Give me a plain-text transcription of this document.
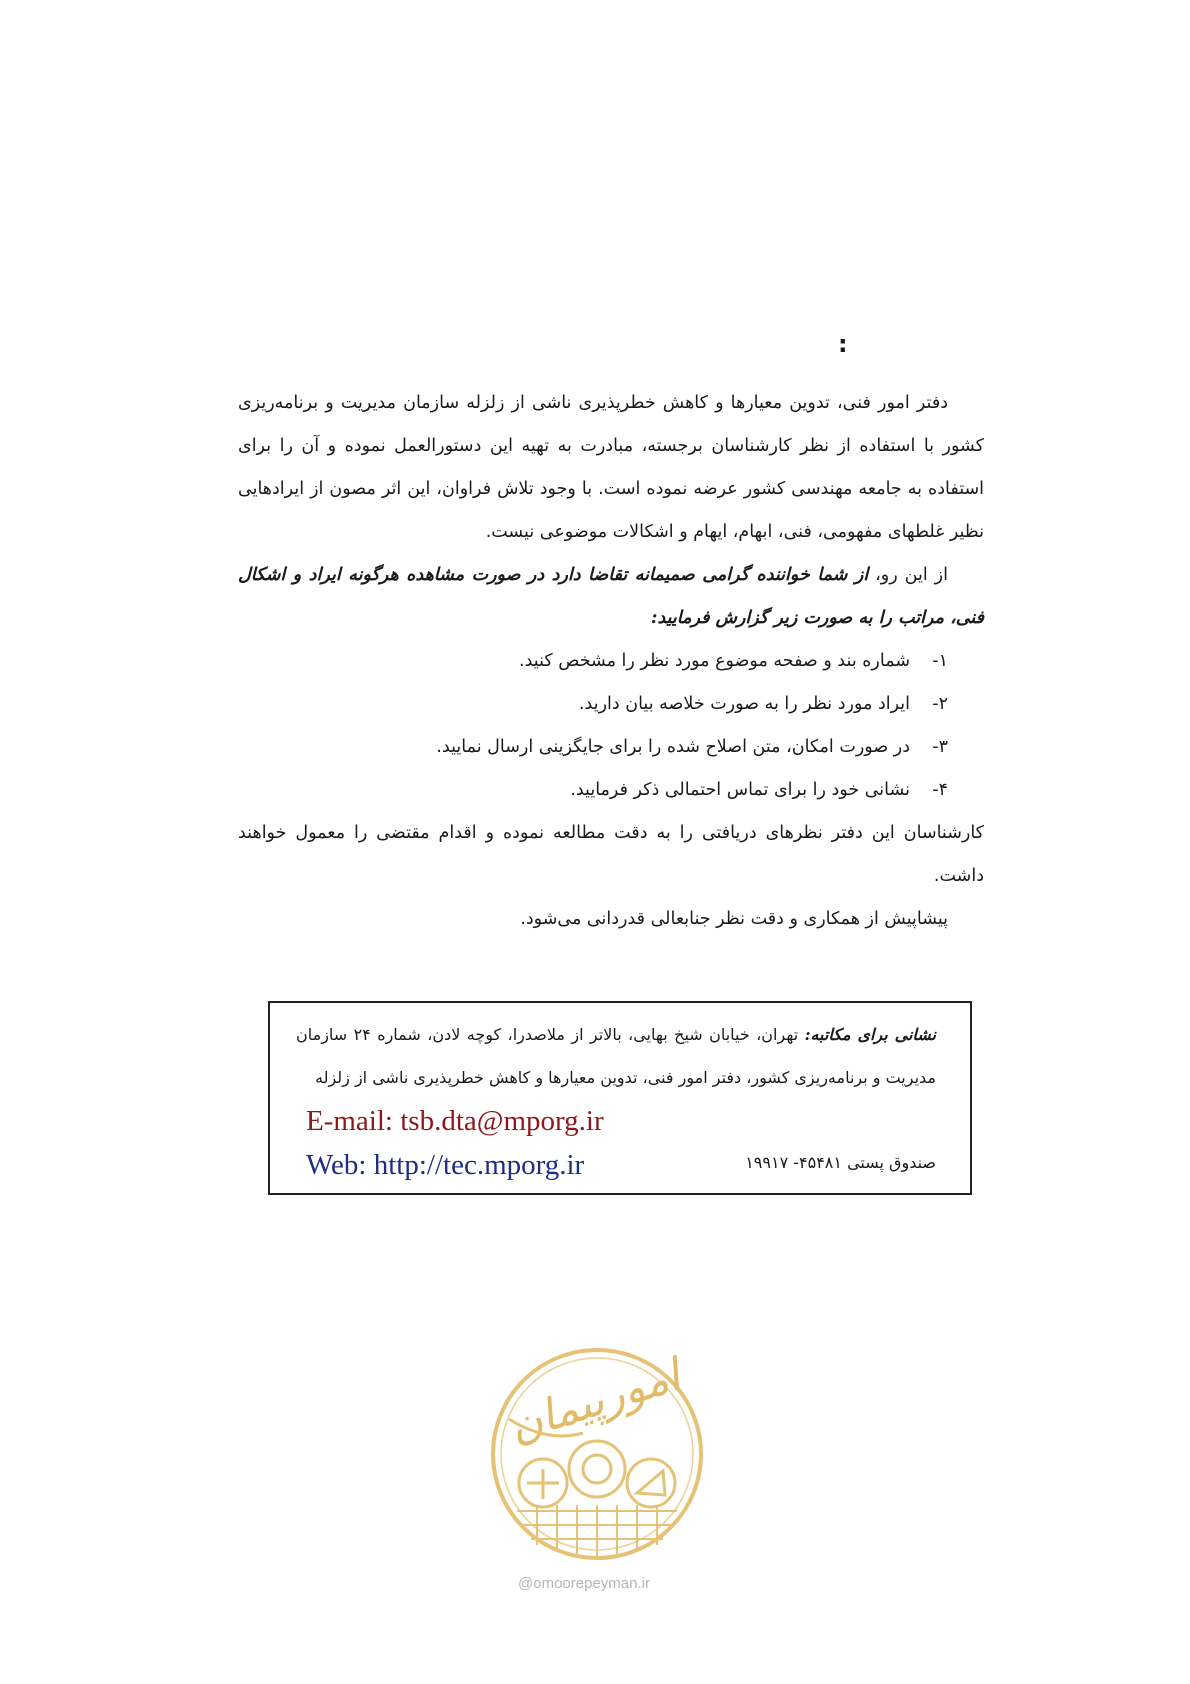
:

دفتر امور فنی، تدوین معیارها و کاهش خطرپذیری ناشی از زلزله سازمان مدیریت و برنامه‌ریزی کشور با استفاده از نظر کارشناسان برجسته، مبادرت به تهیه این دستورالعمل نموده و آن را برای استفاده به جامعه مهندسی کشور عرضه نموده است. با وجود تلاش فراوان، این اثر مصون از ایرادهایی نظیر غلطهای مفهومی، فنی، ابهام، ایهام و اشکالات موضوعی نیست.

از این رو، از شما خواننده گرامی صمیمانه تقاضا دارد در صورت مشاهده هرگونه ایراد و اشکال فنی، مراتب را به صورت زیر گزارش فرمایید:

۱-شماره بند و صفحه موضوع مورد نظر را مشخص کنید.

۲-ایراد مورد نظر را به صورت خلاصه بیان دارید.

۳-در صورت امکان، متن اصلاح شده را برای جایگزینی ارسال نمایید.

۴-نشانی خود را برای تماس احتمالی ذکر فرمایید.

کارشناسان این دفتر نظرهای دریافتی را به دقت مطالعه نموده و اقدام مقتضی را معمول خواهند داشت.

پیشاپیش از همکاری و دقت نظر جنابعالی قدردانی می‌شود.

نشانی برای مکاتبه: تهران، خیابان شیخ بهایی، بالاتر از ملاصدرا، کوچه لادن، شماره ۲۴ سازمان مدیریت و برنامه‌ریزی کشور، دفتر امور فنی، تدوین معیارها و کاهش خطرپذیری ناشی از زلزله
صندوق پستی ۴۵۴۸۱- ۱۹۹۱۷
E-mail: tsb.dta@mporg.ir
Web: http://tec.mporg.ir
امورپیمان
@omoorepeyman.ir
